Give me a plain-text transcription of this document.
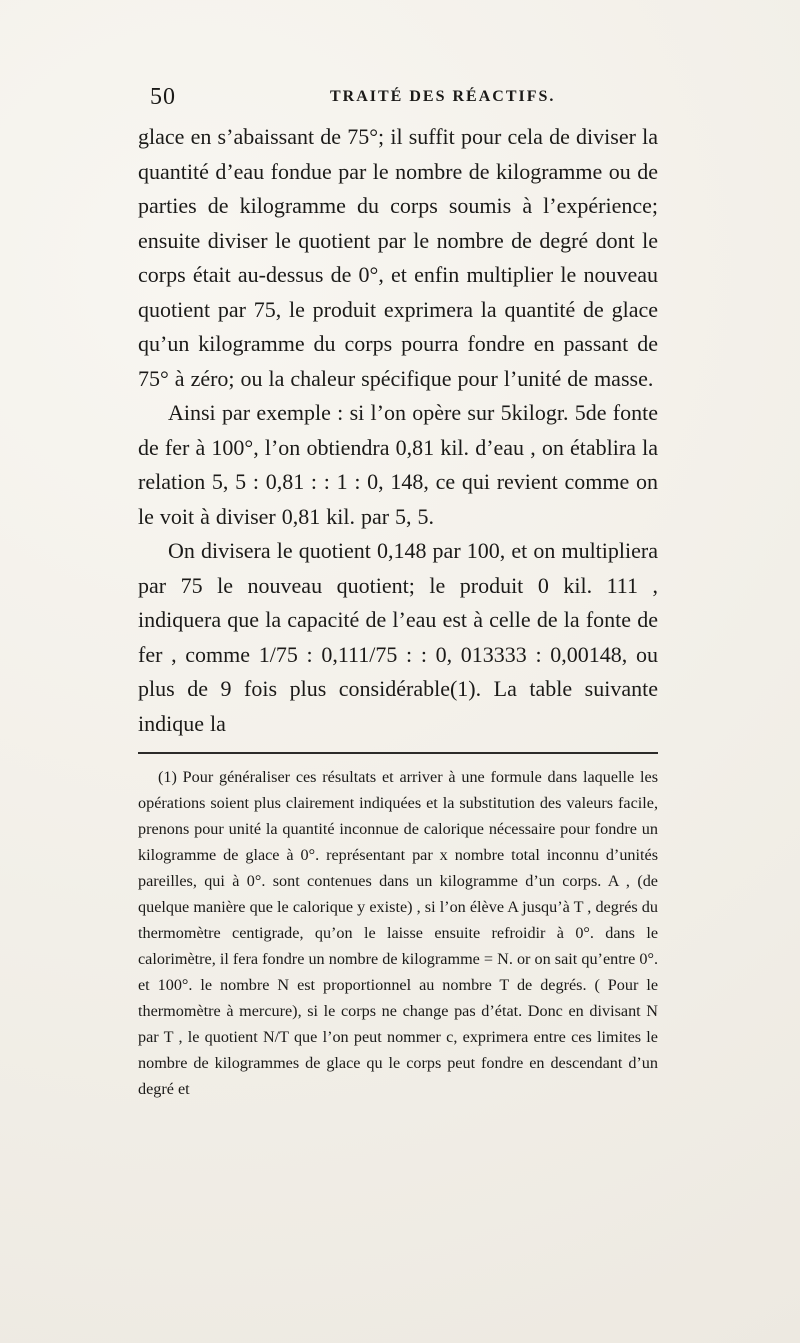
50	TRAITÉ DES RÉACTIFS.

glace en s’abaissant de 75°; il suffit pour cela de diviser la quantité d’eau fondue par le nombre de kilogramme ou de parties de kilogramme du corps soumis à l’expérience; ensuite diviser le quotient par le nombre de degré dont le corps était au-dessus de 0°, et enfin multiplier le nouveau quotient par 75, le produit exprimera la quantité de glace qu’un kilogramme du corps pourra fondre en passant de 75° à zéro; ou la chaleur spécifique pour l’unité de masse.

Ainsi par exemple : si l’on opère sur 5kilogr. 5de fonte de fer à 100°, l’on obtiendra 0,81 kil. d’eau , on établira la relation 5, 5 : 0,81 : : 1 : 0, 148, ce qui revient comme on le voit à diviser 0,81 kil. par 5, 5.

On divisera le quotient 0,148 par 100, et on multipliera par 75 le nouveau quotient; le produit 0 kil. 111 , indiquera que la capacité de l’eau est à celle de la fonte de fer , comme 1/75 : 0,111/75 : : 0, 013333 : 0,00148, ou plus de 9 fois plus considérable(1). La table suivante indique la

(1) Pour généraliser ces résultats et arriver à une formule dans laquelle les opérations soient plus clairement indiquées et la substitution des valeurs facile, prenons pour unité la quantité inconnue de calorique nécessaire pour fondre un kilogramme de glace à 0°. représentant par x nombre total inconnu d’unités pareilles, qui à 0°. sont contenues dans un kilogramme d’un corps. A , (de quelque manière que le calorique y existe) , si l’on élève A jusqu’à T , degrés du thermomètre centigrade, qu’on le laisse ensuite refroidir à 0°. dans le calorimètre, il fera fondre un nombre de kilogramme = N. or on sait qu’entre 0°. et 100°. le nombre N est proportionnel au nombre T de degrés. ( Pour le thermomètre à mercure), si le corps ne change pas d’état. Donc en divisant N par T , le quotient N/T que l’on peut nommer c, exprimera entre ces limites le nombre de kilogrammes de glace qu le corps peut fondre en descendant d’un degré et
